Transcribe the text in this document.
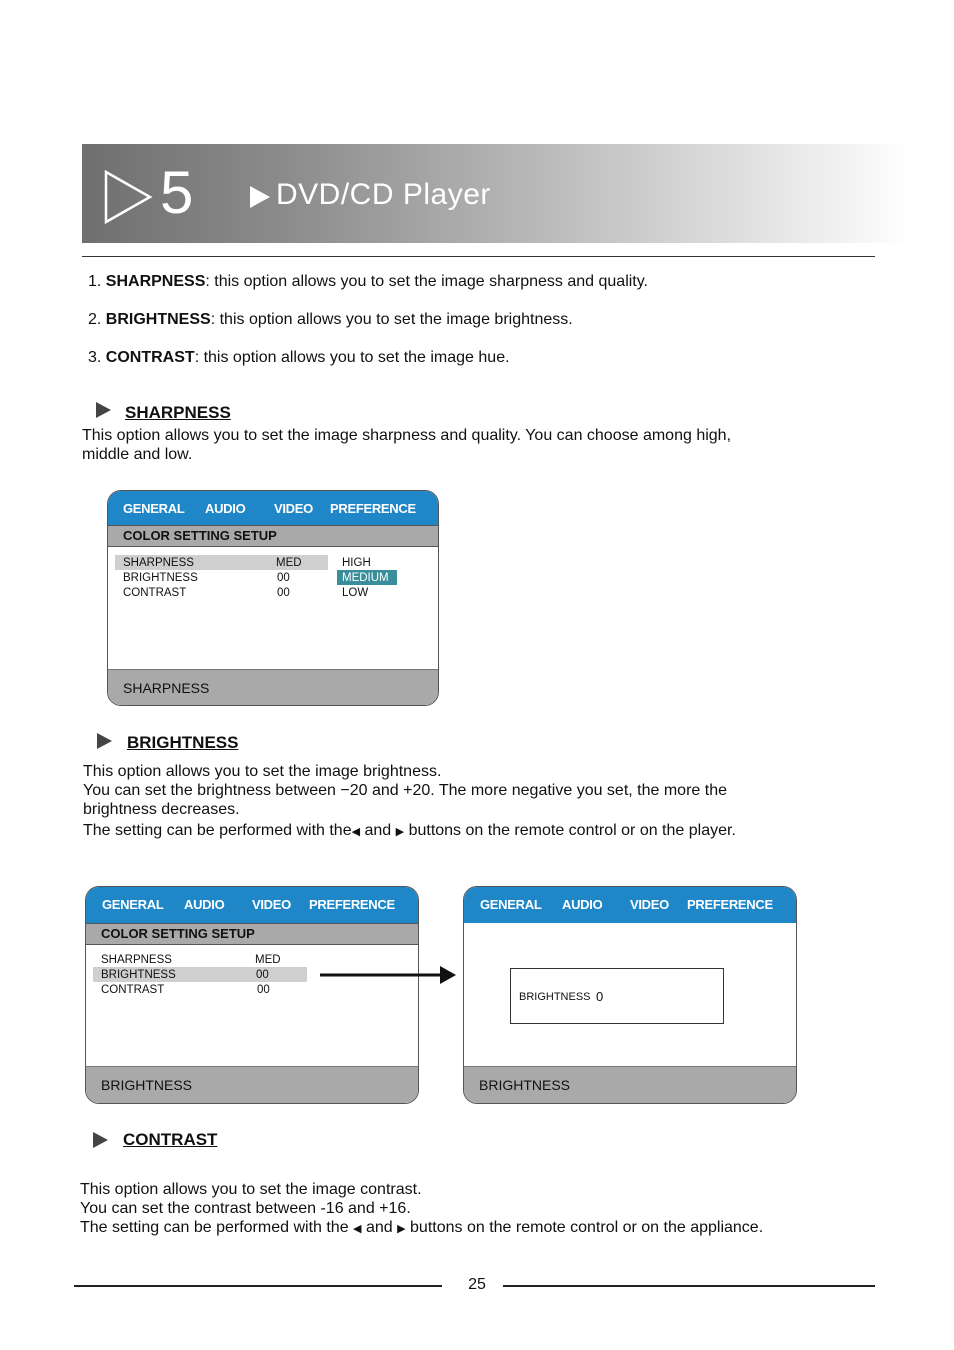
5	DVD/CD Player
1. SHARPNESS: this option allows you to set the image sharpness and quality.
2. BRIGHTNESS: this option allows you to set the image brightness.
3. CONTRAST: this option allows you to set the image hue.
SHARPNESS
This option allows you to set the image sharpness and quality. You can choose among high,
middle and low.
GENERAL AUDIO VIDEO PREFERENCE
COLOR SETTING SETUP
SHARPNESS	MED
BRIGHTNESS	00
CONTRAST	00
HIGH
MEDIUM
LOW
SHARPNESS
BRIGHTNESS
This option allows you to set the image brightness.
You can set the brightness between −20 and +20. The more negative you set, the more the
brightness decreases.
The setting can be performed with the◀ and ▶ buttons on the remote control or on the player.
GENERAL AUDIO VIDEO PREFERENCE
COLOR SETTING SETUP
SHARPNESS	MED
BRIGHTNESS	00
CONTRAST	00
BRIGHTNESS
GENERAL AUDIO VIDEO PREFERENCE
BRIGHTNESS 0
BRIGHTNESS
CONTRAST
This option allows you to set the image contrast.
You can set the contrast between -16 and +16.
The setting can be performed with the ◀ and ▶ buttons on the remote control or on the appliance.
25
